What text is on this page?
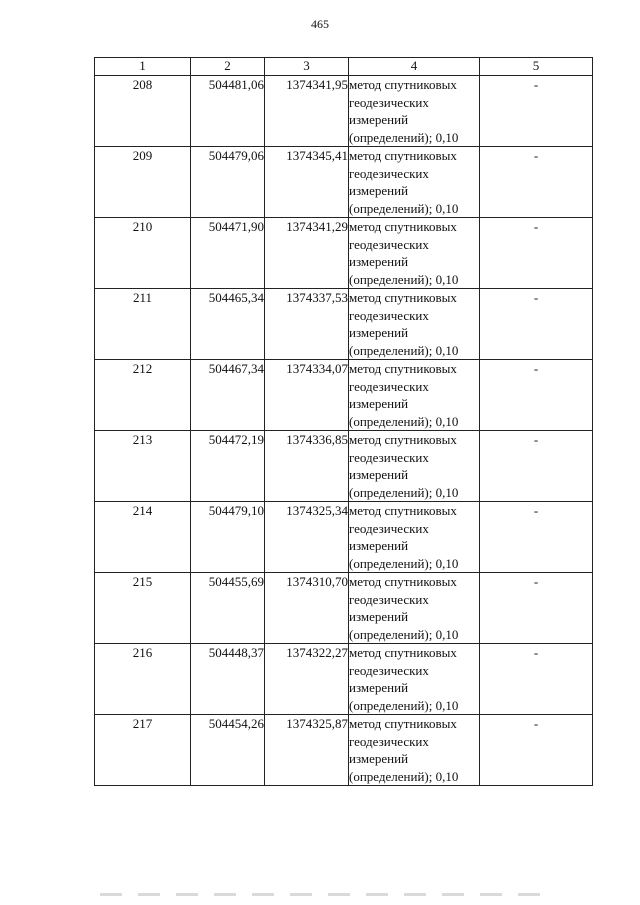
465
1	2	3	4	5
208	504481,06	1374341,95	метод спутниковых
геодезических
измерений
(определений); 0,10	-
209	504479,06	1374345,41	метод спутниковых
геодезических
измерений
(определений); 0,10	-
210	504471,90	1374341,29	метод спутниковых
геодезических
измерений
(определений); 0,10	-
211	504465,34	1374337,53	метод спутниковых
геодезических
измерений
(определений); 0,10	-
212	504467,34	1374334,07	метод спутниковых
геодезических
измерений
(определений); 0,10	-
213	504472,19	1374336,85	метод спутниковых
геодезических
измерений
(определений); 0,10	-
214	504479,10	1374325,34	метод спутниковых
геодезических
измерений
(определений); 0,10	-
215	504455,69	1374310,70	метод спутниковых
геодезических
измерений
(определений); 0,10	-
216	504448,37	1374322,27	метод спутниковых
геодезических
измерений
(определений); 0,10	-
217	504454,26	1374325,87	метод спутниковых
геодезических
измерений
(определений); 0,10	-
